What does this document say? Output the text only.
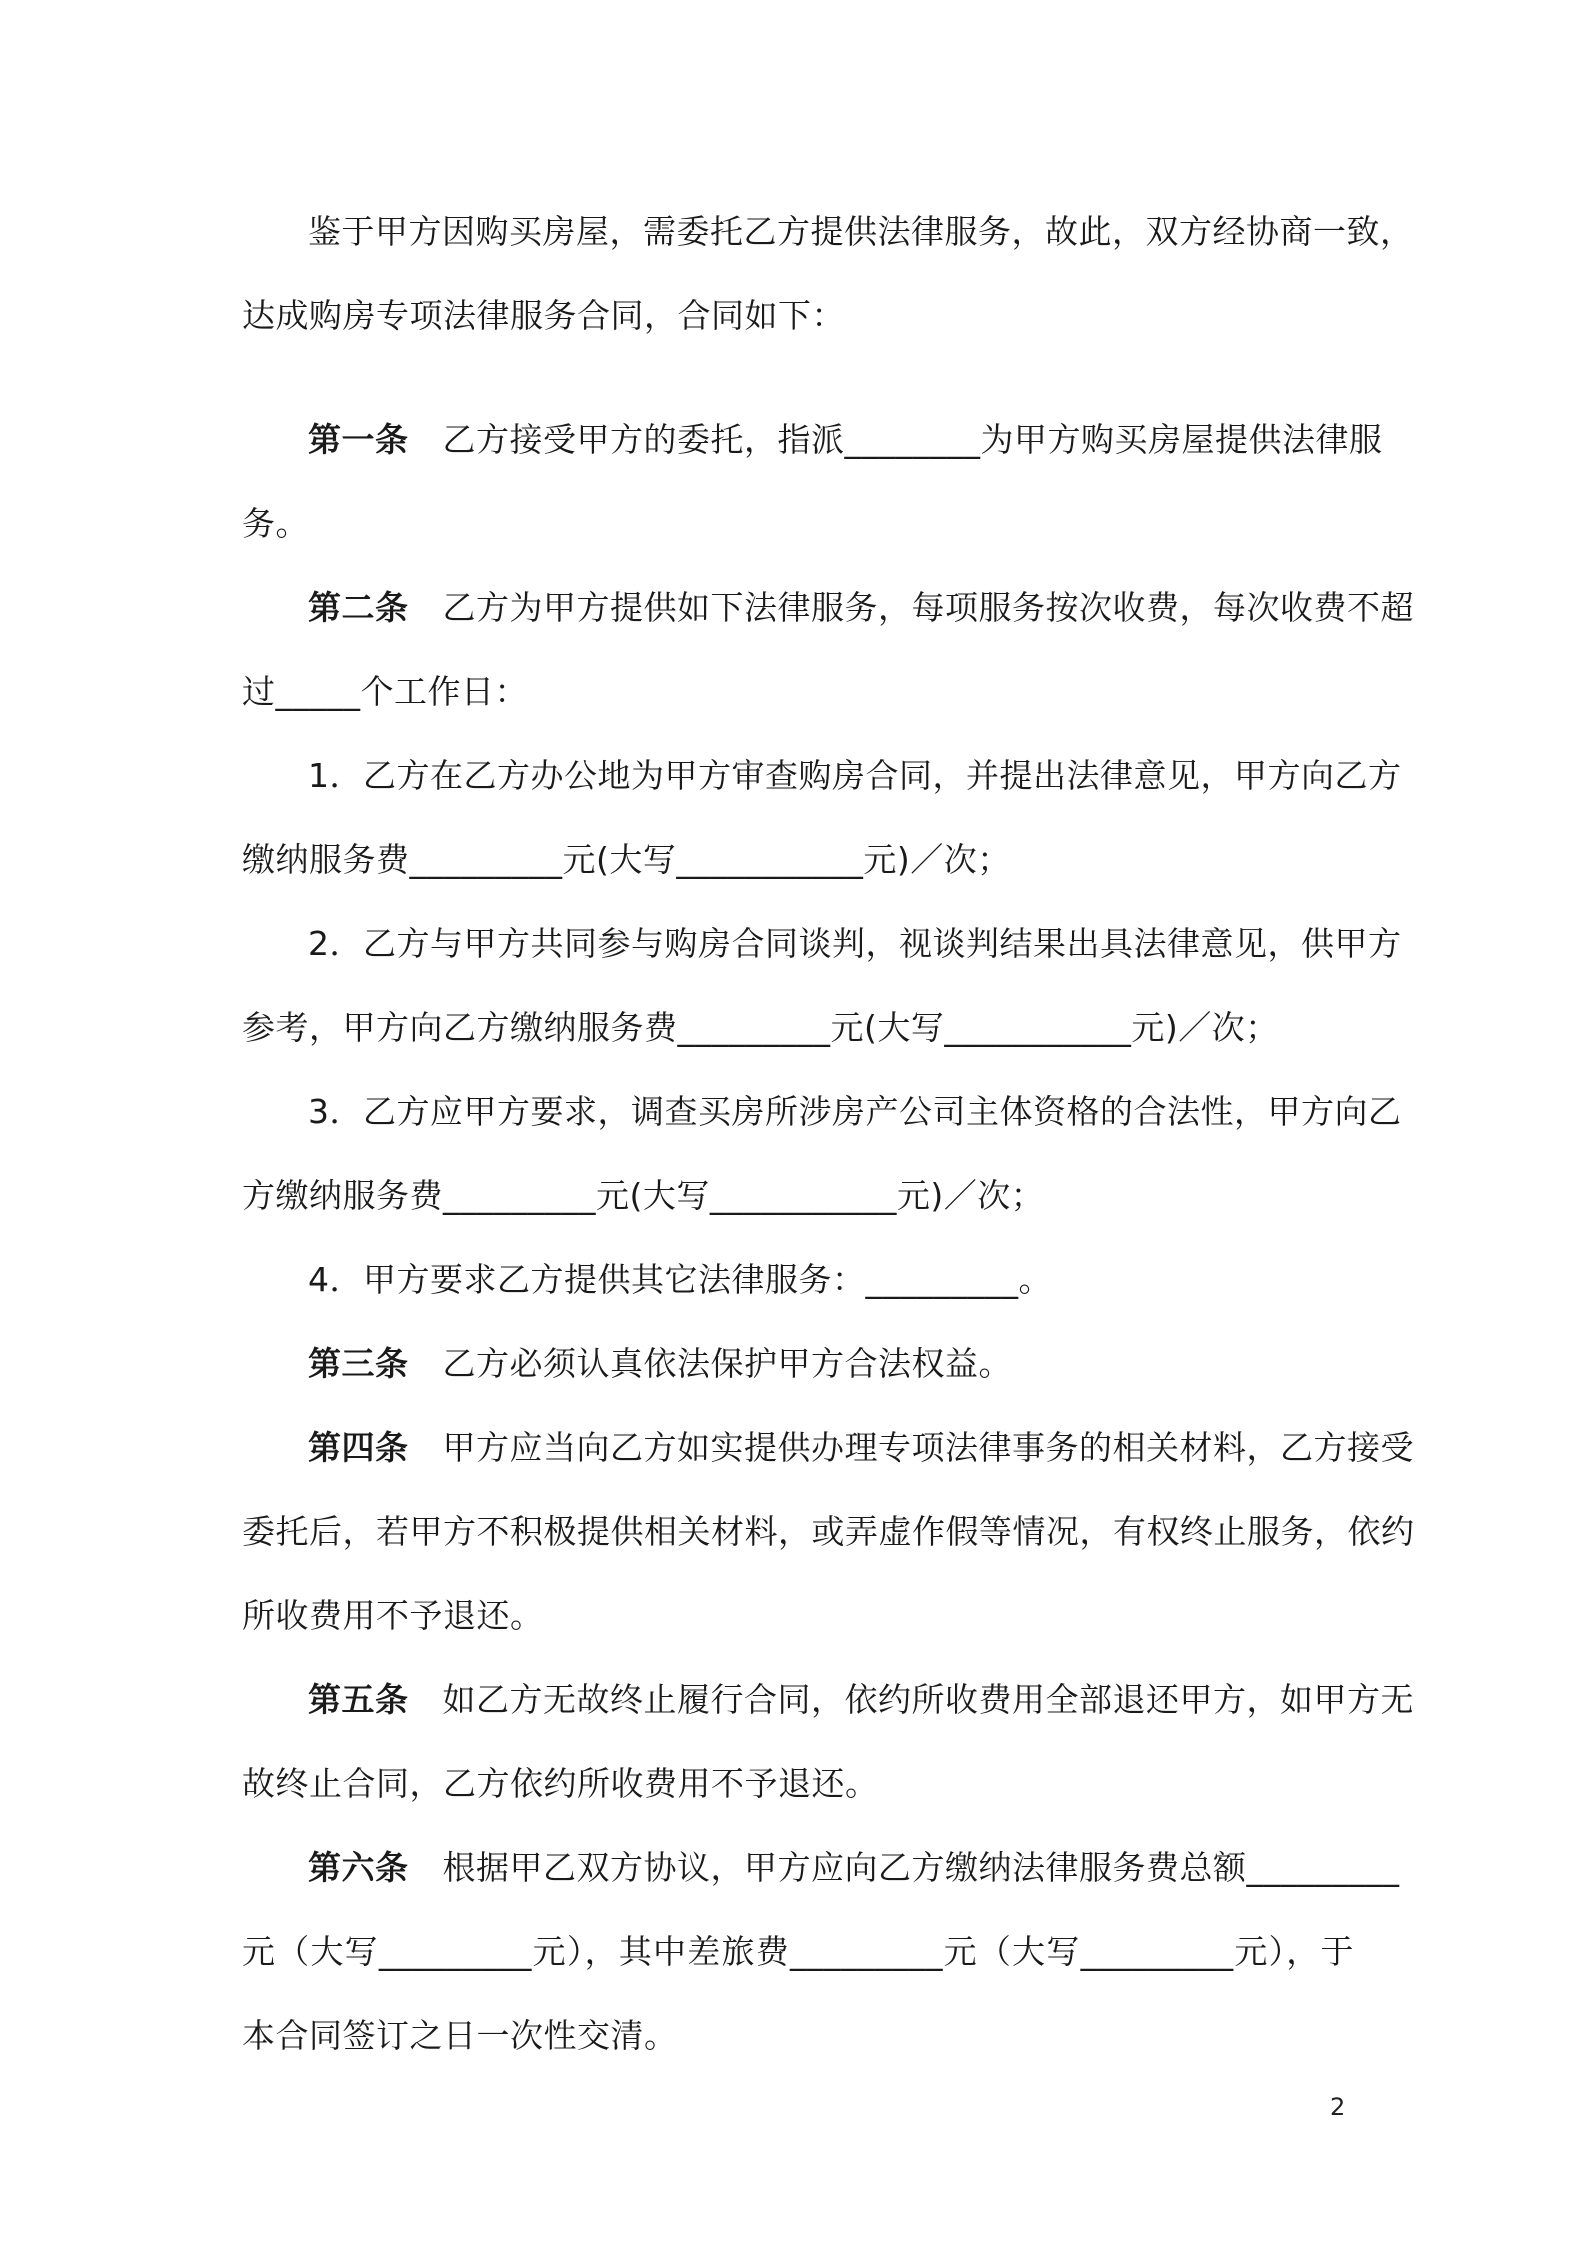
鉴于甲方因购买房屋，需委托乙方提供法律服务，故此，双方经协商一致，
达成购房专项法律服务合同，合同如下：
第一条 乙方接受甲方的委托，指派________为甲方购买房屋提供法律服
务。
第二条 乙方为甲方提供如下法律服务，每项服务按次收费，每次收费不超
过_____个工作日：
1．乙方在乙方办公地为甲方审查购房合同，并提出法律意见，甲方向乙方
缴纳服务费_________元(大写___________元)／次；
2．乙方与甲方共同参与购房合同谈判，视谈判结果出具法律意见，供甲方
参考，甲方向乙方缴纳服务费_________元(大写___________元)／次；
3．乙方应甲方要求，调查买房所涉房产公司主体资格的合法性，甲方向乙
方缴纳服务费_________元(大写___________元)／次；
4．甲方要求乙方提供其它法律服务：_________。
第三条 乙方必须认真依法保护甲方合法权益。
第四条 甲方应当向乙方如实提供办理专项法律事务的相关材料，乙方接受
委托后，若甲方不积极提供相关材料，或弄虚作假等情况，有权终止服务，依约
所收费用不予退还。
第五条 如乙方无故终止履行合同，依约所收费用全部退还甲方，如甲方无
故终止合同，乙方依约所收费用不予退还。
第六条 根据甲乙双方协议，甲方应向乙方缴纳法律服务费总额_________
元（大写_________元），其中差旅费_________元（大写_________元），于
本合同签订之日一次性交清。
2
